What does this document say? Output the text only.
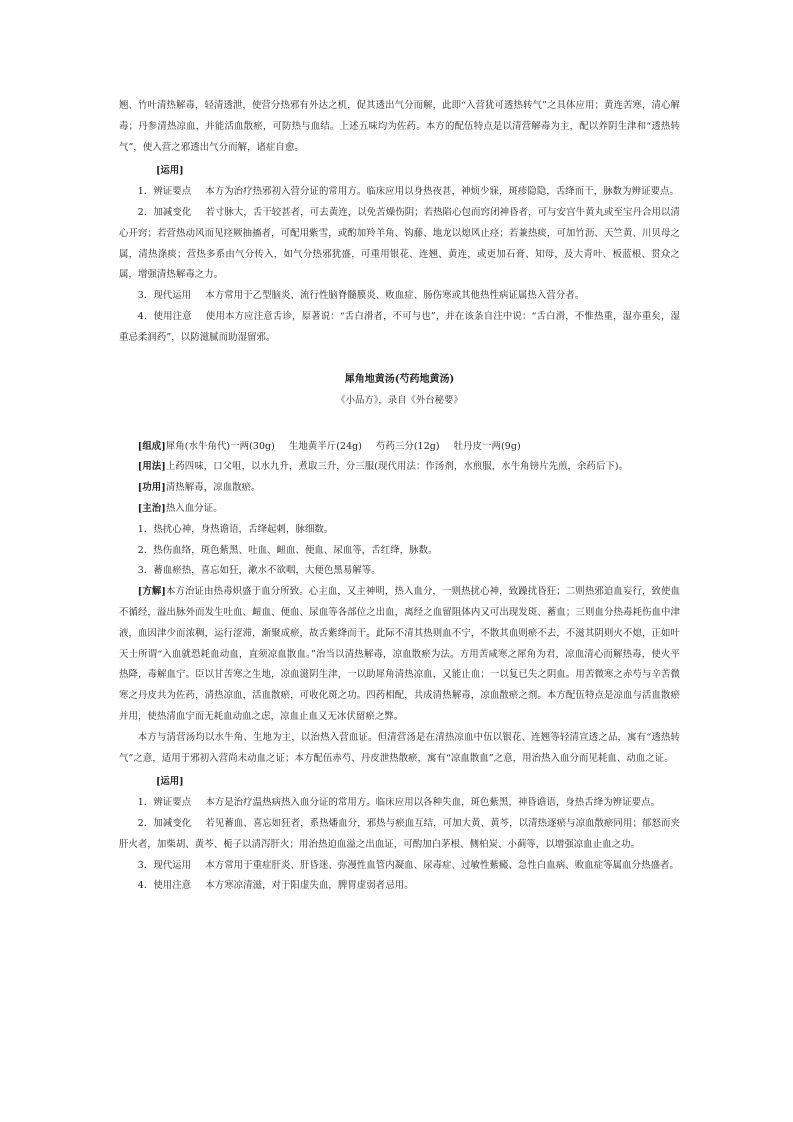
翘、竹叶清热解毒，轻清透泄，使营分热邪有外达之机，促其透出气分而解，此即“入营犹可透热转气”之具体应用；黄连苦寒，清心解毒；丹参清热凉血，并能活血散瘀，可防热与血结。上述五味均为佐药。本方的配伍特点是以清营解毒为主，配以养阴生津和“透热转气”，使入营之邪透出气分而解，诸症自愈。

[运用]

1．辨证要点 本方为治疗热邪初入营分证的常用方。临床应用以身热夜甚，神烦少寐，斑疹隐隐，舌绛而干，脉数为辨证要点。

2．加减变化 若寸脉大，舌干较甚者，可去黄连，以免苦燥伤阴；若热陷心包而窍闭神昏者，可与安宫牛黄丸或至宝丹合用以清心开窍；若营热动风而见痉厥抽搐者，可配用紫雪，或酌加羚羊角、钩藤、地龙以熄风止痉；若兼热痰，可加竹沥、天竺黄、川贝母之属，清热涤痰；营热多系由气分传入，如气分热邪犹盛，可重用银花、连翘、黄连，或更加石膏、知母，及大青叶、板蓝根、贯众之属，增强清热解毒之力。

3．现代运用 本方常用于乙型脑炎、流行性脑脊髓膜炎、败血症、肠伤寒或其他热性病证属热入营分者。

4．使用注意 使用本方应注意舌诊，原著说：“舌白滑者，不可与也”，并在该条自注中说：“舌白滑，不惟热重，湿亦重矣，湿重忌柔润药”，以防滋腻而助湿留邪。

犀角地黄汤(芍药地黄汤)
《小品方》，录自《外台秘要》

[组成]犀角(水牛角代)一两(30g) 生地黄半斤(24g) 芍药三分(12g) 牡丹皮一两(9g)

[用法]上药四味，口父咀，以水九升，煮取三升，分三服(现代用法：作汤剂，水煎服，水牛角镑片先煎，余药后下)。

[功用]清热解毒，凉血散瘀。

[主治]热入血分证。

1．热扰心神，身热谵语，舌绛起刺，脉细数。

2．热伤血络，斑色紫黑、吐血、衄血、便血、尿血等，舌红绛，脉数。

3．蓄血瘀热，喜忘如狂，漱水不欲咽，大便色黑易解等。

[方解]本方治证由热毒炽盛于血分所致。心主血，又主神明，热入血分，一则热扰心神，致躁扰昏狂；二则热邪迫血妄行，致使血不循经，溢出脉外而发生吐血、衄血、便血、尿血等各部位之出血，离经之血留阻体内又可出现发斑、蓄血；三则血分热毒耗伤血中津液，血因津少而浓稠，运行涩滞，渐聚成瘀，故舌紫绛而干。此际不清其热则血不宁，不散其血则瘀不去，不滋其阴则火不熄，正如叶天士所谓“入血就恐耗血动血，直须凉血散血。”治当以清热解毒，凉血散瘀为法。方用苦咸寒之犀角为君，凉血清心而解热毒，使火平热降，毒解血宁。臣以甘苦寒之生地，凉血滋阴生津，一以助犀角清热凉血，又能止血；一以复已失之阴血。用苦微寒之赤芍与辛苦微寒之丹皮共为佐药，清热凉血，活血散瘀，可收化斑之功。四药相配，共成清热解毒，凉血散瘀之剂。本方配伍特点是凉血与活血散瘀并用，使热清血宁而无耗血动血之虑，凉血止血又无冰伏留瘀之弊。

本方与清营汤均以水牛角、生地为主，以治热入营血证。但清营汤是在清热凉血中伍以银花、连翘等轻清宣透之品，寓有“透热转气”之意，适用于邪初入营尚未动血之证；本方配伍赤芍、丹皮泄热散瘀，寓有“凉血散血”之意，用治热入血分而见耗血、动血之证。

[运用]

1．辨证要点 本方是治疗温热病热入血分证的常用方。临床应用以各种失血，斑色紫黑，神昏谵语，身热舌绛为辨证要点。

2．加减变化 若见蓄血、喜忘如狂者，系热燔血分，邪热与瘀血互结，可加大黄、黄芩，以清热逐瘀与凉血散瘀同用；郁怒而夹肝火者，加柴胡、黄芩、栀子以清泻肝火；用治热迫血溢之出血证，可酌加白茅根、侧柏炭、小蓟等，以增强凉血止血之功。

3．现代运用 本方常用于重症肝炎、肝昏迷、弥漫性血管内凝血、尿毒症、过敏性紫癜、急性白血病、败血症等属血分热盛者。

4．使用注意 本方寒凉清滋，对于阳虚失血，脾胃虚弱者忌用。
